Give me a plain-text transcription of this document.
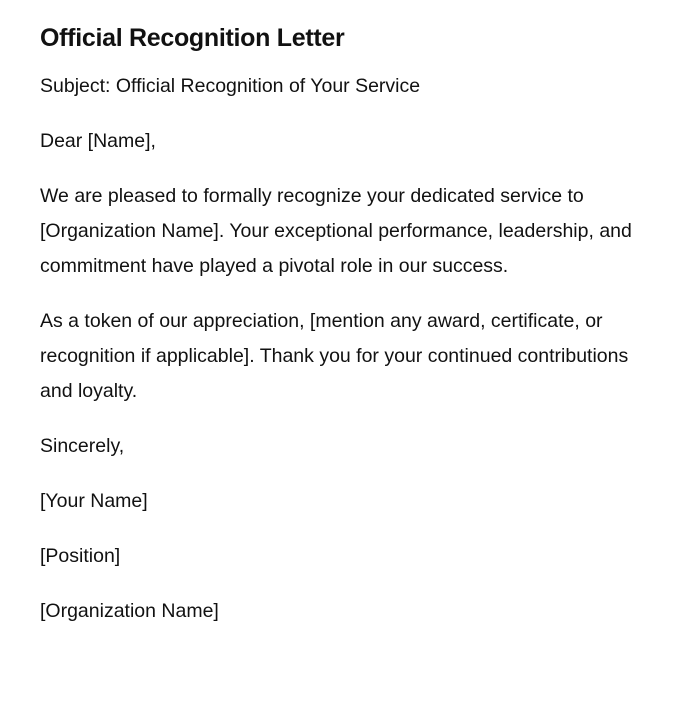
Official Recognition Letter

Subject: Official Recognition of Your Service

Dear [Name],

We are pleased to formally recognize your dedicated service to [Organization Name]. Your exceptional performance, leadership, and commitment have played a pivotal role in our success.

As a token of our appreciation, [mention any award, certificate, or recognition if applicable]. Thank you for your continued contributions and loyalty.

Sincerely,

[Your Name]

[Position]

[Organization Name]
